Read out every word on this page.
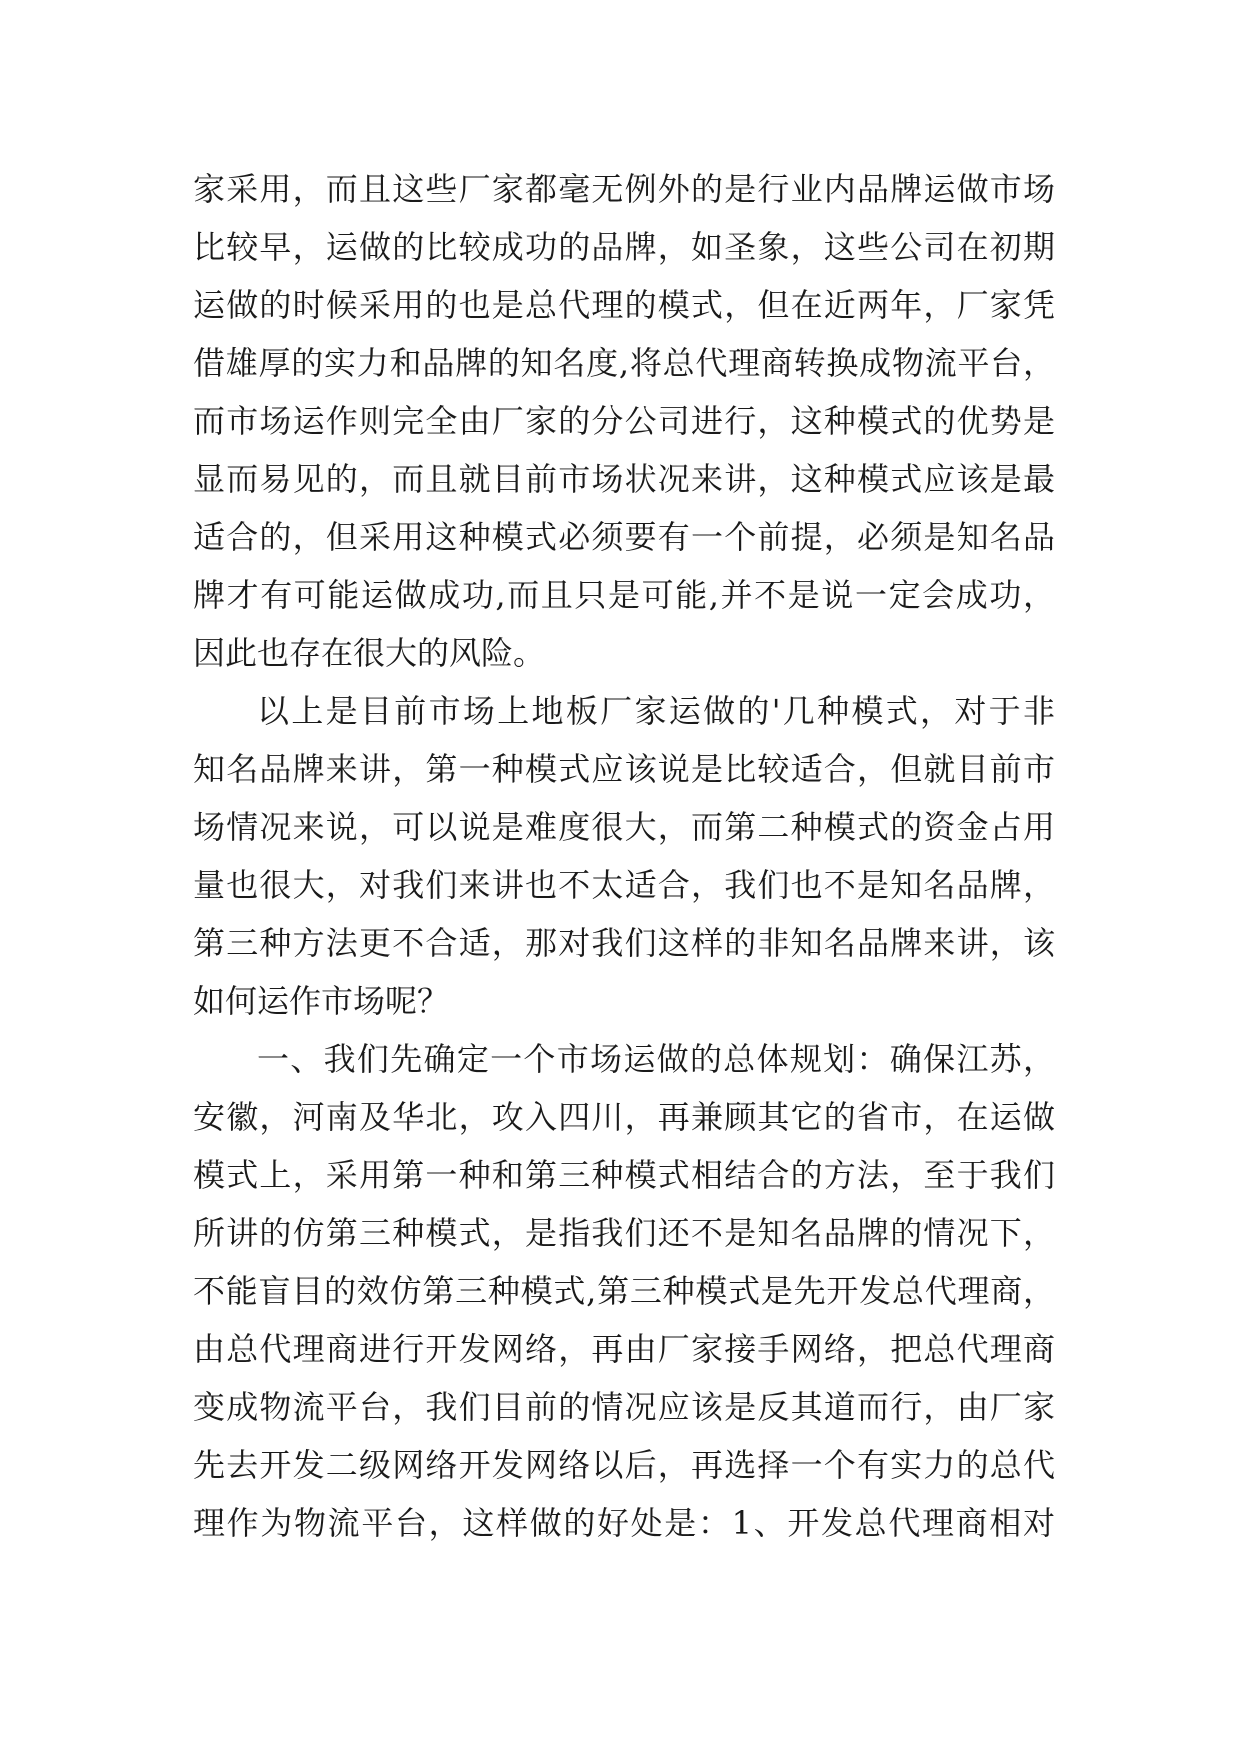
家采用，而且这些厂家都毫无例外的是行业内品牌运做市场
比较早，运做的比较成功的品牌，如圣象，这些公司在初期
运做的时候采用的也是总代理的模式，但在近两年，厂家凭
借雄厚的实力和品牌的知名度,将总代理商转换成物流平台，
而市场运作则完全由厂家的分公司进行，这种模式的优势是
显而易见的，而且就目前市场状况来讲，这种模式应该是最
适合的，但采用这种模式必须要有一个前提，必须是知名品
牌才有可能运做成功,而且只是可能,并不是说一定会成功，
因此也存在很大的风险。
以上是目前市场上地板厂家运做的'几种模式，对于非
知名品牌来讲，第一种模式应该说是比较适合，但就目前市
场情况来说，可以说是难度很大，而第二种模式的资金占用
量也很大，对我们来讲也不太适合，我们也不是知名品牌，
第三种方法更不合适，那对我们这样的非知名品牌来讲，该
如何运作市场呢？
一、我们先确定一个市场运做的总体规划：确保江苏，
安徽，河南及华北，攻入四川，再兼顾其它的省市，在运做
模式上，采用第一种和第三种模式相结合的方法，至于我们
所讲的仿第三种模式，是指我们还不是知名品牌的情况下，
不能盲目的效仿第三种模式,第三种模式是先开发总代理商，
由总代理商进行开发网络，再由厂家接手网络，把总代理商
变成物流平台，我们目前的情况应该是反其道而行，由厂家
先去开发二级网络开发网络以后，再选择一个有实力的总代
理作为物流平台，这样做的好处是：1、开发总代理商相对
